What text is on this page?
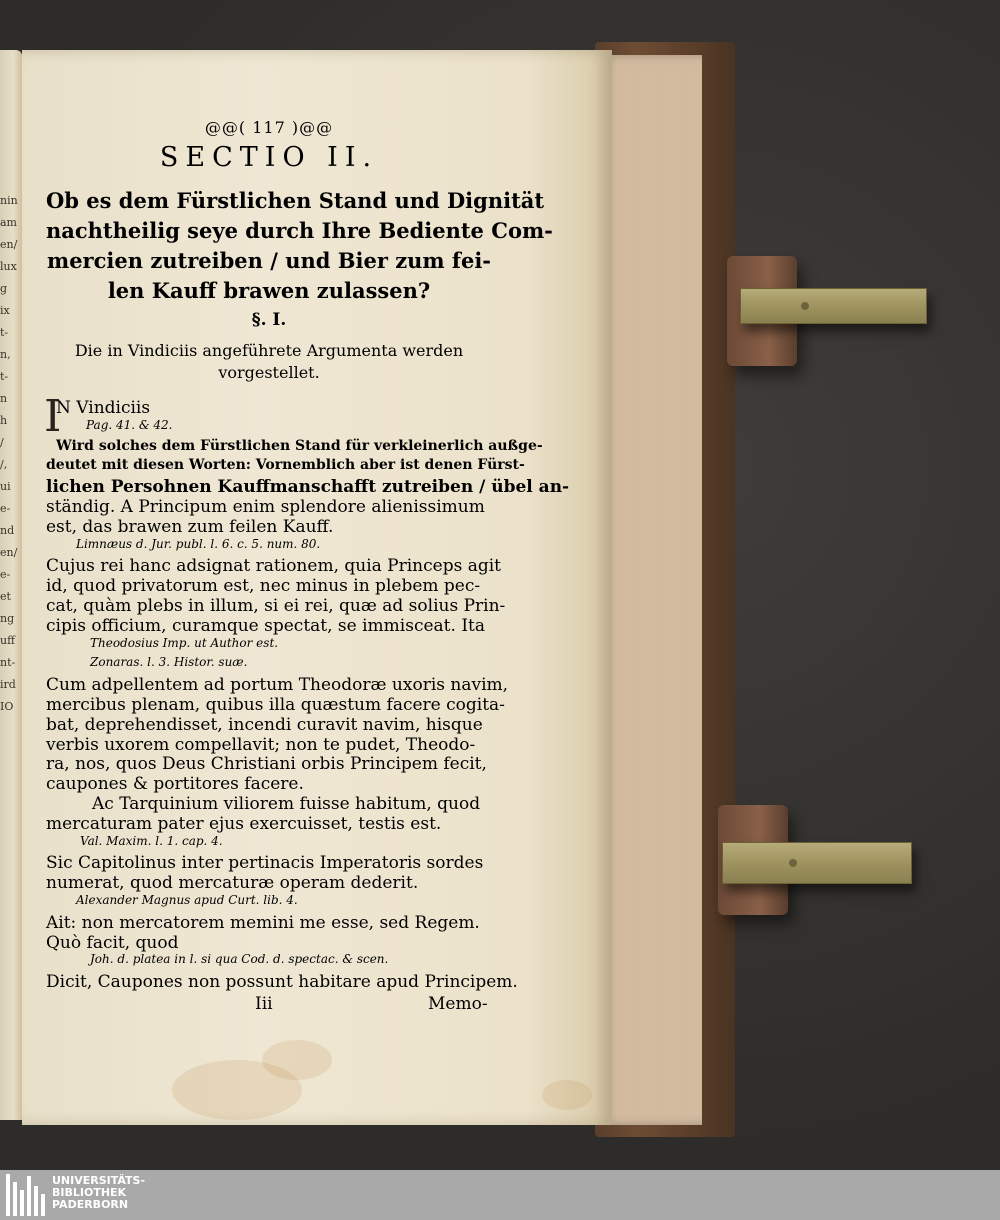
nin
am
en/
lux
g
ix
t-
n,
t-
n
h
/
/,
ui
e-
nd
en/
e-
et
ng
uff
nt-
ird
IO
@@( 117 )@@
SECTIO II.
Ob es dem Fürstlichen Stand und Dignität
nachtheilig seye durch Ihre Bediente Com-
mercien zutreiben / und Bier zum fei-
len Kauff brawen zulassen?
§. I.
Die in Vindiciis angeführete Argumenta werden
vorgestellet.
I
N Vindiciis
Pag. 41. & 42.
Wird solches dem Fürstlichen Stand für verkleinerlich außge-
deutet mit diesen Worten: Vornemblich aber ist denen Fürst-
lichen Persohnen Kauffmanschafft zutreiben / übel an-
ständig. A Principum enim splendore alienissimum
est, das brawen zum feilen Kauff.
Limnæus d. Jur. publ. l. 6. c. 5. num. 80.
Cujus rei hanc adsignat rationem, quia Princeps agit
id, quod privatorum est, nec minus in plebem pec-
cat, quàm plebs in illum, si ei rei, quæ ad solius Prin-
cipis officium, curamque spectat, se immisceat. Ita
Theodosius Imp. ut Author est.
Zonaras. l. 3. Histor. suæ.
Cum adpellentem ad portum Theodoræ uxoris navim,
mercibus plenam, quibus illa quæstum facere cogita-
bat, deprehendisset, incendi curavit navim, hisque
verbis uxorem compellavit; non te pudet, Theodo-
ra, nos, quos Deus Christiani orbis Principem fecit,
caupones & portitores facere.
Ac Tarquinium viliorem fuisse habitum, quod
mercaturam pater ejus exercuisset, testis est.
Val. Maxim. l. 1. cap. 4.
Sic Capitolinus inter pertinacis Imperatoris sordes
numerat, quod mercaturæ operam dederit.
Alexander Magnus apud Curt. lib. 4.
Ait: non mercatorem memini me esse, sed Regem.
Quò facit, quod
Joh. d. platea in l. si qua Cod. d. spectac. & scen.
Dicit, Caupones non possunt habitare apud Principem.
Iii	Memo-
UNIVERSITÄTS-
BIBLIOTHEK
PADERBORN
